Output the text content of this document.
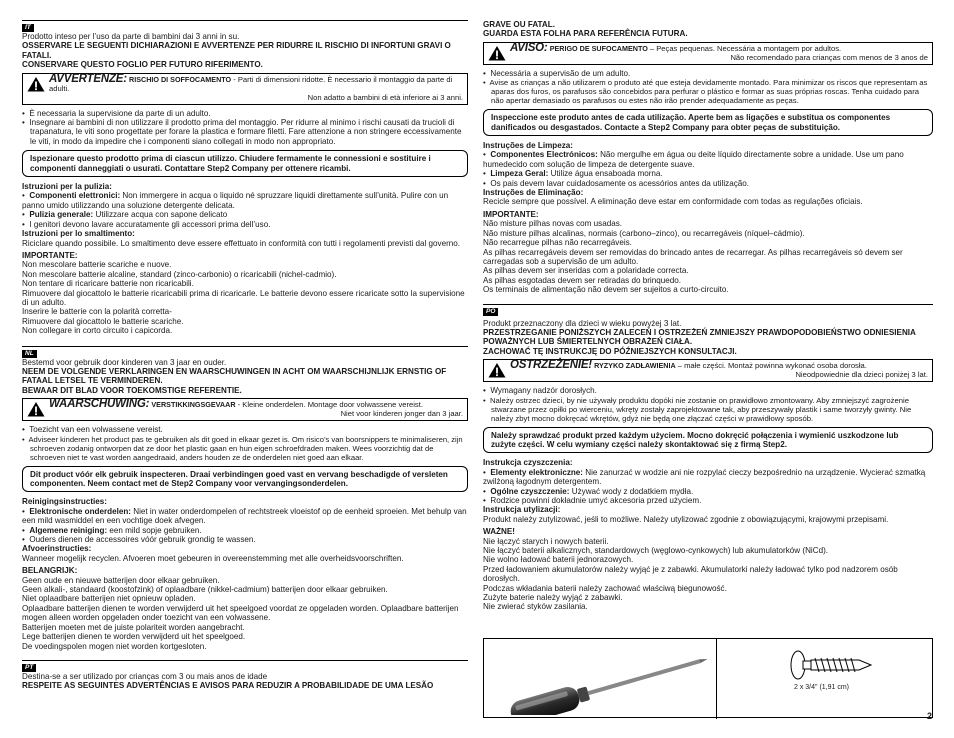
IT

Prodotto inteso per l’uso da parte di bambini dai 3 anni in su.

OSSERVARE LE SEGUENTI DICHIARAZIONI E AVVERTENZE PER RIDURRE IL RISCHIO DI INFORTUNI GRAVI O FATALI.

CONSERVARE QUESTO FOGLIO PER FUTURO RIFERIMENTO.

AVVERTENZE: RISCHIO DI SOFFOCAMENTO - Parti di dimensioni ridotte. È necessario il montaggio da parte di adulti.
Non adatto a bambini di età inferiore ai 3 anni.

•  È necessaria la supervisione da parte di un adulto.

•  Insegnare ai bambini di non utilizzare il prodotto prima del montaggio. Per ridurre al minimo i rischi causati da trucioli di trapanatura, le viti sono progettate per forare la plastica e formare filetti. Fare attenzione a non stringere eccessivamente le viti, in modo da impedire che i componenti siano collegati in modo non appropriato.

Ispezionare questo prodotto prima di ciascun utilizzo. Chiudere fermamente le connessioni e sostituire i componenti danneggiati o usurati. Contattare Step2 Company per ottenere ricambi.

Istruzioni per la pulizia:

•  Componenti elettronici: Non immergere in acqua o liquido né spruzzare liquidi direttamente sull’unità. Pulire con un panno umido utilizzando una soluzione detergente delicata.

•  Pulizia generale: Utilizzare acqua con sapone delicato

•  I genitori devono lavare accuratamente gli accessori prima dell’uso.

Istruzioni per lo smaltimento:

Riciclare quando possibile. Lo smaltimento deve essere effettuato in conformità con tutti i regolamenti previsti dal governo.

IMPORTANTE:

Non mescolare batterie scariche e nuove.

Non mescolare batterie alcaline, standard (zinco-carbonio) o ricaricabili (nichel-cadmio).

Non tentare di ricaricare batterie non ricaricabili.

Rimuovere dal giocattolo le batterie ricaricabili prima di ricaricarle. Le batterie devono essere ricaricate sotto la supervisione di un adulto.

Inserire le batterie con la polarità corretta-

Rimuovere dal giocattolo le batterie scariche.

Non collegare in corto circuito i capicorda.

NL

Bestemd voor gebruik door kinderen van 3 jaar en ouder.

NEEM DE VOLGENDE VERKLARINGEN EN WAARSCHUWINGEN IN ACHT OM WAARSCHIJNLIJK ERNSTIG OF FATAAL LETSEL TE VERMINDEREN.

BEWAAR DIT BLAD VOOR TOEKOMSTIGE REFERENTIE.

WAARSCHUWING: VERSTIKKINGSGEVAAR - Kleine onderdelen. Montage door volwassene vereist.
Niet voor kinderen jonger dan 3 jaar.

•  Toezicht van een volwassene vereist.

•  Adviseer kinderen het product pas te gebruiken als dit goed in elkaar gezet is. Om risico’s van boorsnippers te minimaliseren, zijn schroeven zodanig ontworpen dat ze door het plastic gaan en hun eigen schroefdraden maken. Wees voorzichtig dat de schroeven niet te vast worden aangedraaid, anders houden ze de onderdelen niet goed aan elkaar.

Dit product vóór elk gebruik inspecteren. Draai verbindingen goed vast en vervang beschadigde of versleten componenten. Neem contact met de Step2 Company voor vervangingsonderdelen.

Reinigingsinstructies:

•  Elektronische onderdelen: Niet in water onderdompelen of rechtstreek vloeistof op de eenheid sproeien. Met behulp van een mild wasmiddel en een vochtige doek afvegen.

•  Algemene reiniging: een mild sopje gebruiken.

•  Ouders dienen de accessoires vóór gebruik grondig te wassen.

Afvoerinstructies:

Wanneer mogelijk recyclen. Afvoeren moet gebeuren in overeenstemming met alle overheidsvoorschriften.

BELANGRIJK:

Geen oude en nieuwe batterijen door elkaar gebruiken.

Geen alkali-, standaard (koostofzink) of oplaadbare (nikkel-cadmium) batterijen door elkaar gebruiken.

Niet oplaadbare batterijen niet opnieuw opladen.

Oplaadbare batterijen dienen te worden verwijderd uit het speelgoed voordat ze opgeladen worden. Oplaadbare batterijen mogen alleen worden opgeladen onder toezicht van een volwassene.

Batterijen moeten met de juiste polariteit worden aangebracht.

Lege batterijen dienen te worden verwijderd uit het speelgoed.

De voedingspolen mogen niet worden kortgesloten.

PT

Destina-se a ser utilizado por crianças com 3 ou mais anos de idade

RESPEITE AS SEGUINTES ADVERTÊNCIAS E AVISOS PARA REDUZIR A PROBABILIDADE DE UMA LESÃO

GRAVE OU FATAL.

GUARDA ESTA FOLHA PARA REFERÊNCIA FUTURA.

AVISO: PERIGO DE SUFOCAMENTO – Peças pequenas. Necessária a montagem por adultos.
Não recomendado para crianças com menos de 3 anos de

•  Necessária a supervisão de um adulto.

•  Avise as crianças a não utilizarem o produto até que esteja devidamente montado. Para minimizar os riscos que representam as aparas dos furos, os parafusos são concebidos para perfurar o plástico e formar as suas próprias roscas. Tenha cuidado para não apertar demasiado os parafusos ou estes não irão prender adequadamente as peças.

Inspeccione este produto antes de cada utilização. Aperte bem as ligações e substitua os componentes danificados ou desgastados. Contacte a Step2 Company para obter peças de substituição.

Instruções de Limpeza:

•  Componentes Electrónicos: Não mergulhe em água ou deite líquido directamente sobre a unidade. Use um pano humedecido com solução de limpeza de detergente suave.

•  Limpeza Geral: Utilize água ensaboada morna.

•  Os pais devem lavar cuidadosamente os acessórios antes da utilização.

Instruções de Eliminação:

Recicle sempre que possível. A eliminação deve estar em conformidade com todas as regulações oficiais.

IMPORTANTE:

Não misture pilhas novas com usadas.

Não misture pilhas alcalinas, normais (carbono–zinco), ou recarregáveis (níquel–cádmio).

Não recarregue pilhas não recarregáveis.

As pilhas recarregáveis devem ser removidas do brincado antes de recarregar. As pilhas recarregáveis só devem ser carregadas sob a supervisão de um adulto.

As pilhas devem ser inseridas com a polaridade correcta.

As pilhas esgotadas devem ser retiradas do brinquedo.

Os terminais de alimentação não devem ser sujeitos a curto-circuito.

PO

Produkt przeznaczony dla dzieci w wieku powyżej 3 lat.

PRZESTRZEGANIE PONIŻSZYCH ZALECEŃ I OSTRZEŻEŃ ZMNIEJSZY PRAWDOPODOBIEŃSTWO ODNIESIENIA POWAŻNYCH LUB ŚMIERTELNYCH OBRAŻEŃ CIAŁA.

ZACHOWAĆ TĘ INSTRUKCJĘ DO PÓŹNIEJSZYCH KONSULTACJI.

OSTRZEŻENIE! RYZYKO ZADŁAWIENIA – małe części. Montaż powinna wykonać osoba dorosła.
Nieodpowiednie dla dzieci poniżej 3 lat.

•  Wymagany nadzór dorosłych.

•  Należy ostrzec dzieci, by nie używały produktu dopóki nie zostanie on prawidłowo zmontowany. Aby zmniejszyć zagrożenie stwarzane przez opiłki po wierceniu, wkręty zostały zaprojektowane tak, aby przeszywały plastik i same tworzyły gwinty. Nie należy zbyt mocno dokręcać wkrętów, gdyż nie będą one złączać części w prawidłowy sposób.

Należy sprawdzać produkt przed każdym użyciem. Mocno dokręcić połączenia i wymienić uszkodzone lub zużyte części. W celu wymiany części należy skontaktować się z firmą Step2.

Instrukcja czyszczenia:

•  Elementy elektroniczne: Nie zanurzać w wodzie ani nie rozpylać cieczy bezpośrednio na urządzenie. Wycierać szmatką zwilżoną łagodnym detergentem.

•  Ogólne czyszczenie: Używać wody z dodatkiem mydła.

•  Rodzice powinni dokładnie umyć akcesoria przed użyciem.

Instrukcja utylizacji:

Produkt należy zutylizować, jeśli to możliwe. Należy utylizować zgodnie z obowiązującymi, krajowymi przepisami.

WAŻNE!

Nie łączyć starych i nowych baterii.

Nie łączyć baterii alkalicznych, standardowych (węglowo-cynkowych) lub akumulatorków (NiCd).

Nie wolno ładować baterii jednorazowych.

Przed ładowaniem akumulatorów należy wyjąć je z zabawki. Akumulatorki należy ładować tylko pod nadzorem osób dorosłych.

Podczas wkładania baterii należy zachować właściwą biegunowość.

Zużyte baterie należy wyjąć z zabawki.

Nie zwierać styków zasilania.

2 x 3/4" (1,91 cm)
2
